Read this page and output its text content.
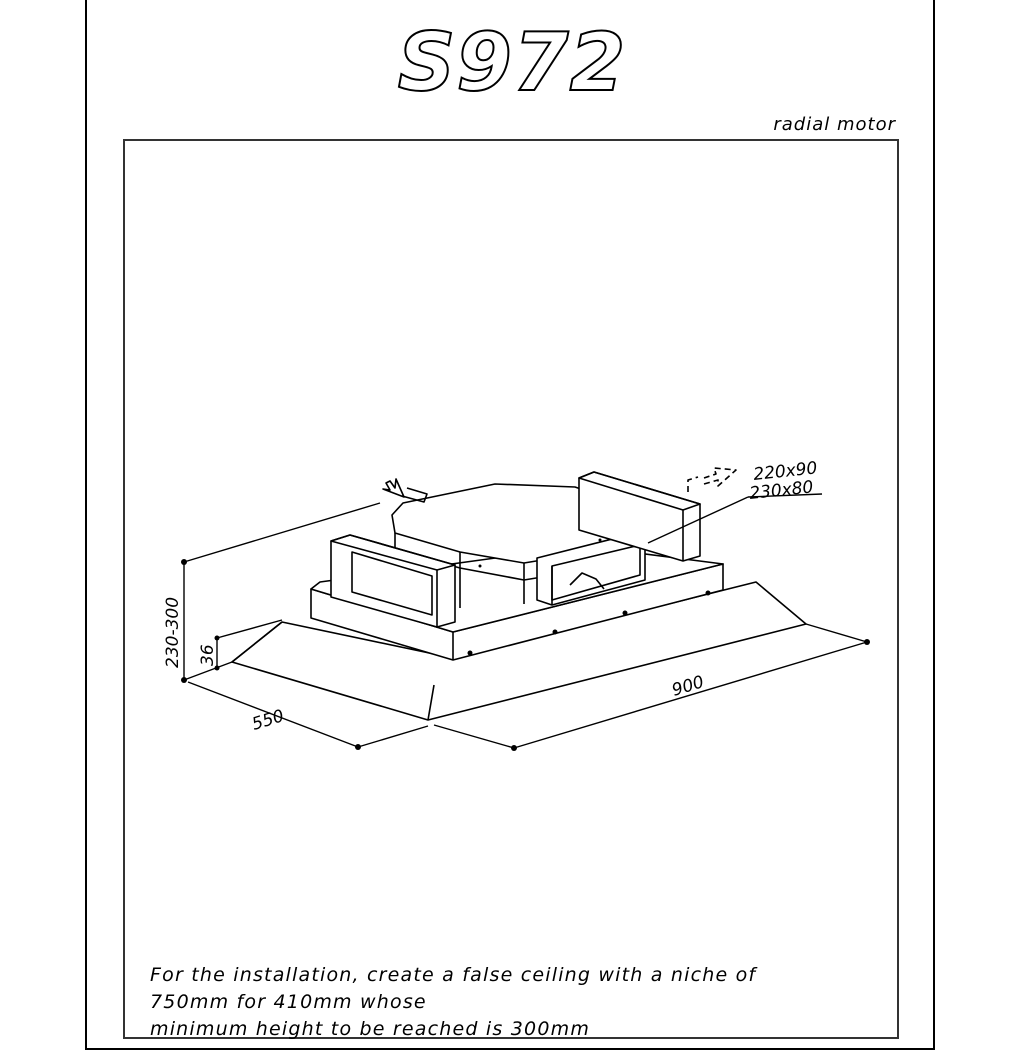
S972
radial motor
230-300 36
550
900
220x90
230x80
For the installation, create a false ceiling with a niche of
750mm for 410mm whose
minimum height to be reached is 300mm
